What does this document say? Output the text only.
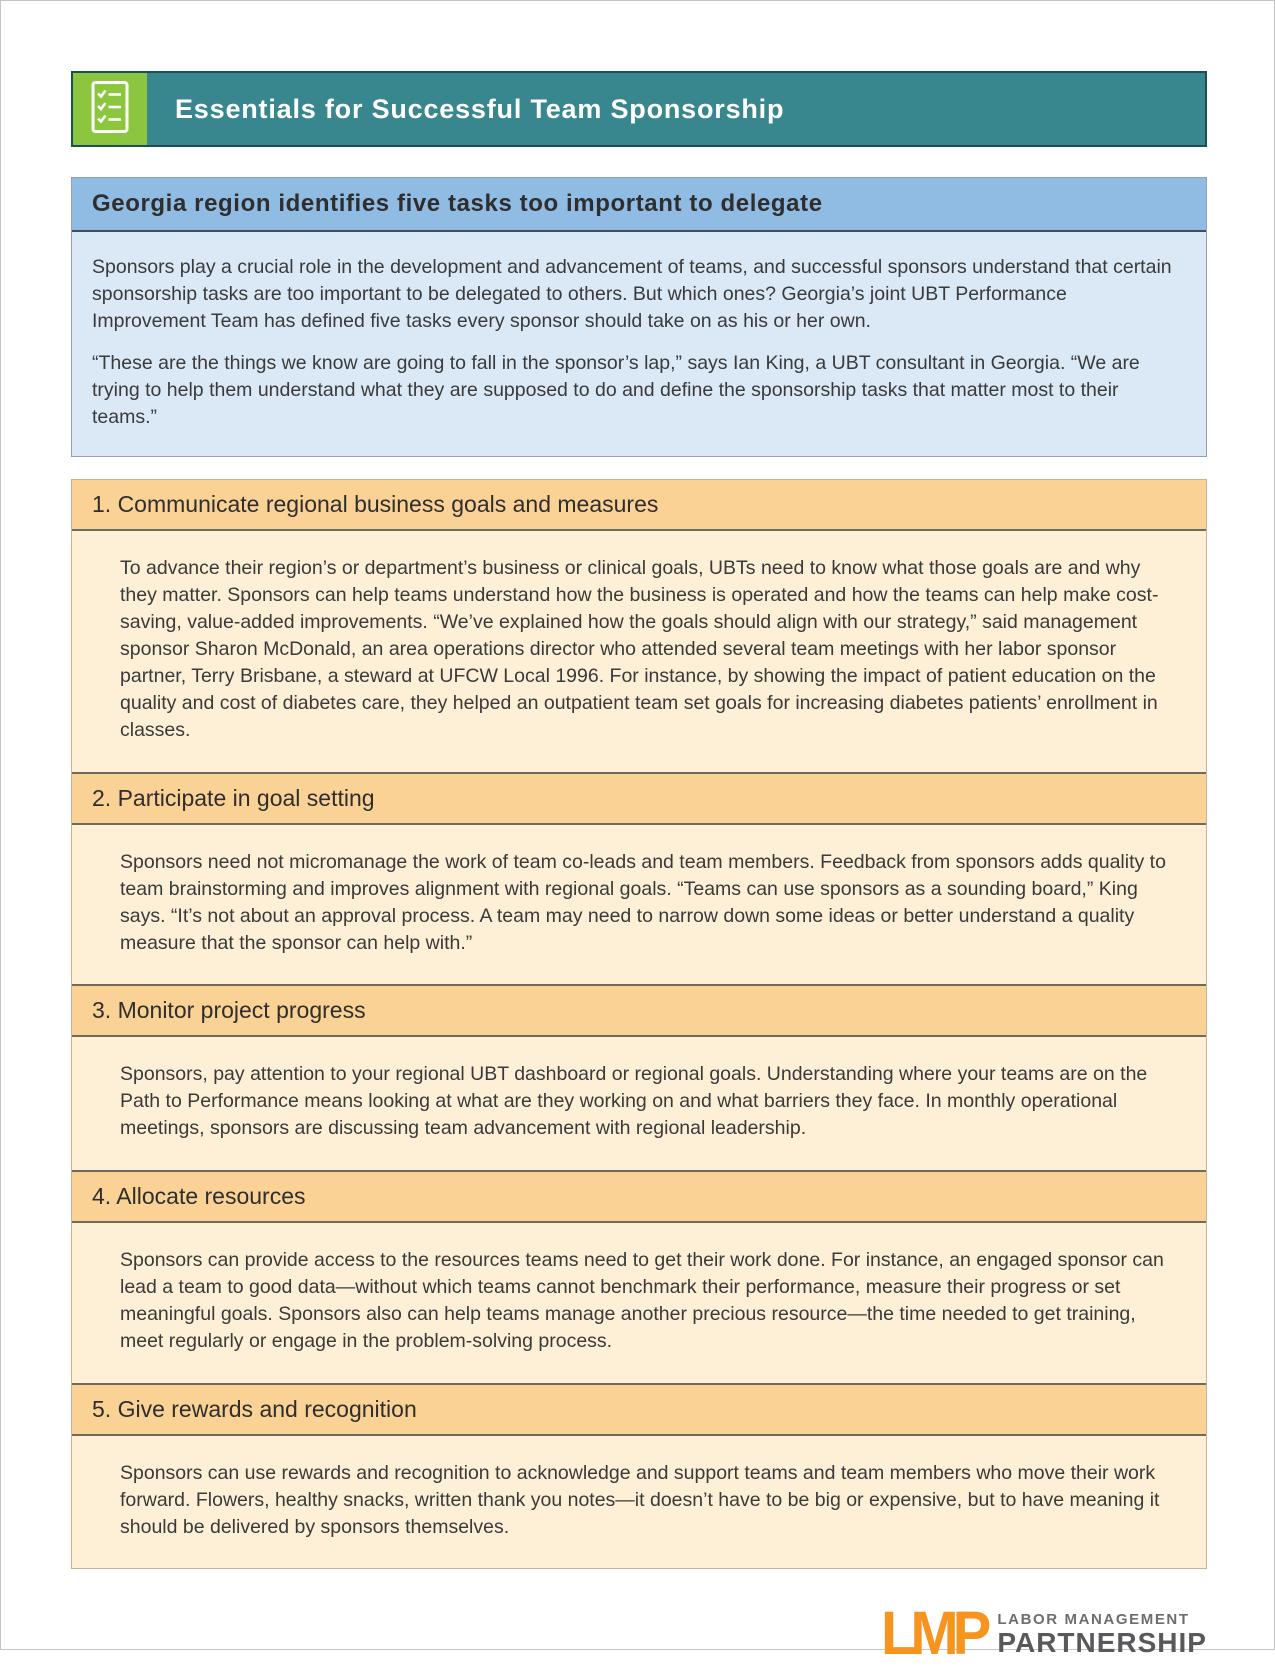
Essentials for Successful Team Sponsorship
Georgia region identifies five tasks too important to delegate

Sponsors play a crucial role in the development and advancement of teams, and successful sponsors understand that certain sponsorship tasks are too important to be delegated to others. But which ones? Georgia’s joint UBT Performance Improvement Team has defined five tasks every sponsor should take on as his or her own.

“These are the things we know are going to fall in the sponsor’s lap,” says Ian King, a UBT consultant in Georgia. “We are trying to help them understand what they are supposed to do and define the sponsorship tasks that matter most to their teams.”

1. Communicate regional business goals and measures
To advance their region’s or department’s business or clinical goals, UBTs need to know what those goals are and why they matter. Sponsors can help teams understand how the business is operated and how the teams can help make cost-saving, value-added improvements. “We’ve explained how the goals should align with our strategy,” said management sponsor Sharon McDonald, an area operations director who attended several team meetings with her labor sponsor partner, Terry Brisbane, a steward at UFCW Local 1996. For instance, by showing the impact of patient education on the quality and cost of diabetes care, they helped an outpatient team set goals for increasing diabetes patients’ enrollment in classes.
2. Participate in goal setting
Sponsors need not micromanage the work of team co-leads and team members. Feedback from sponsors adds quality to team brainstorming and improves alignment with regional goals. “Teams can use sponsors as a sounding board,” King says. “It’s not about an approval process. A team may need to narrow down some ideas or better understand a quality measure that the sponsor can help with.”
3. Monitor project progress
Sponsors, pay attention to your regional UBT dashboard or regional goals. Understanding where your teams are on the Path to Performance means looking at what are they working on and what barriers they face. In monthly operational meetings, sponsors are discussing team advancement with regional leadership.
4. Allocate resources
Sponsors can provide access to the resources teams need to get their work done. For instance, an engaged sponsor can lead a team to good data—without which teams cannot benchmark their performance, measure their progress or set meaningful goals. Sponsors also can help teams manage another precious resource—the time needed to get training, meet regularly or engage in the problem-solving process.
5. Give rewards and recognition
Sponsors can use rewards and recognition to acknowledge and support teams and team members who move their work forward. Flowers, healthy snacks, written thank you notes—it doesn’t have to be big or expensive, but to have meaning it should be delivered by sponsors themselves.
LMP LABOR MANAGEMENT
PARTNERSHIP
